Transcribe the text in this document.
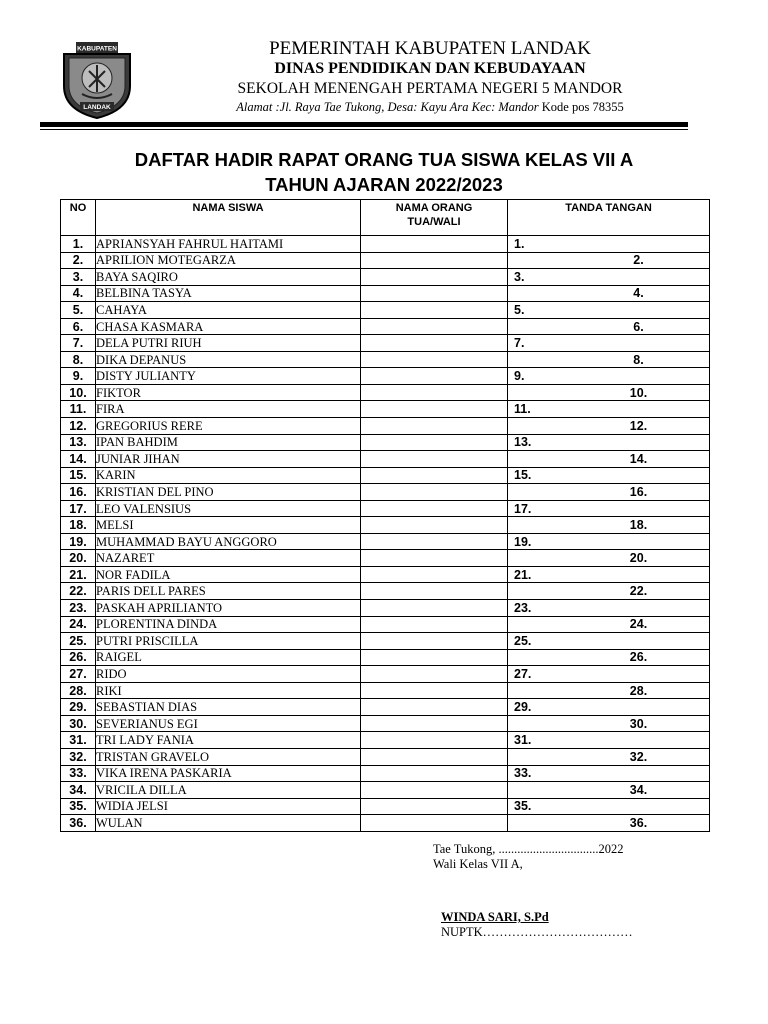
KABUPATEN
LANDAK
PEMERINTAH KABUPATEN LANDAK
DINAS PENDIDIKAN DAN KEBUDAYAAN
SEKOLAH MENENGAH PERTAMA NEGERI 5 MANDOR
Alamat :Jl. Raya Tae Tukong, Desa: Kayu Ara Kec: Mandor Kode pos 78355
DAFTAR HADIR RAPAT ORANG TUA SISWA KELAS VII A
TAHUN AJARAN 2022/2023
NO	NAMA SISWA	NAMA ORANG
TUA/WALI	TANDA TANGAN
1.	APRIANSYAH FAHRUL HAITAMI		1.
2.	APRILION MOTEGARZA		2.
3.	BAYA SAQIRO		3.
4.	BELBINA TASYA		4.
5.	CAHAYA		5.
6.	CHASA KASMARA		6.
7.	DELA PUTRI RIUH		7.
8.	DIKA DEPANUS		8.
9.	DISTY JULIANTY		9.
10.	FIKTOR		10.
11.	FIRA		11.
12.	GREGORIUS RERE		12.
13.	IPAN BAHDIM		13.
14.	JUNIAR JIHAN		14.
15.	KARIN		15.
16.	KRISTIAN DEL PINO		16.
17.	LEO VALENSIUS		17.
18.	MELSI		18.
19.	MUHAMMAD BAYU ANGGORO		19.
20.	NAZARET		20.
21.	NOR FADILA		21.
22.	PARIS DELL PARES		22.
23.	PASKAH APRILIANTO		23.
24.	PLORENTINA DINDA		24.
25.	PUTRI PRISCILLA		25.
26.	RAIGEL		26.
27.	RIDO		27.
28.	RIKI		28.
29.	SEBASTIAN DIAS		29.
30.	SEVERIANUS EGI		30.
31.	TRI LADY FANIA		31.
32.	TRISTAN GRAVELO		32.
33.	VIKA IRENA PASKARIA		33.
34.	VRICILA DILLA		34.
35.	WIDIA JELSI		35.
36.	WULAN		36.
Tae Tukong, ................................2022
Wali Kelas VII A,
WINDA SARI, S.Pd
NUPTK………………………………
